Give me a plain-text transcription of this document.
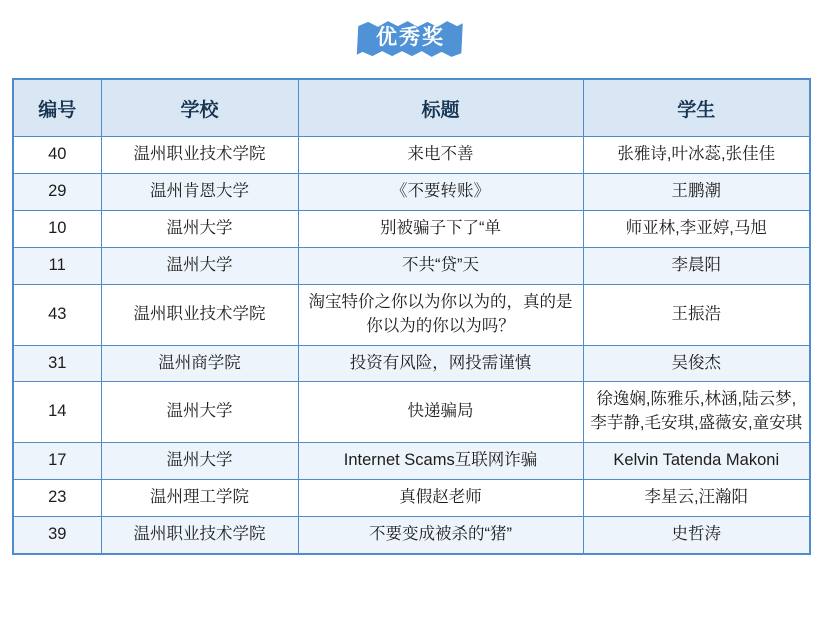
优秀奖
编号	学校	标题	学生
40	温州职业技术学院	来电不善	张雅诗,叶冰蕊,张佳佳
29	温州肯恩大学	《不要转账》	王鹏潮
10	温州大学	别被骗子下了“单	师亚林,李亚婷,马旭
11	温州大学	不共“贷”天	李晨阳
43	温州职业技术学院	淘宝特价之你以为你以为的，真的是你以为的你以为吗？	王振浩
31	温州商学院	投资有风险，网投需谨慎	吴俊杰
14	温州大学	快递骗局	徐逸娴,陈雅乐,林涵,陆云梦,李芋静,毛安琪,盛薇安,童安琪
17	温州大学	Internet Scams互联网诈骗	Kelvin Tatenda Makoni
23	温州理工学院	真假赵老师	李星云,汪瀚阳
39	温州职业技术学院	不要变成被杀的“猪”	史哲涛
